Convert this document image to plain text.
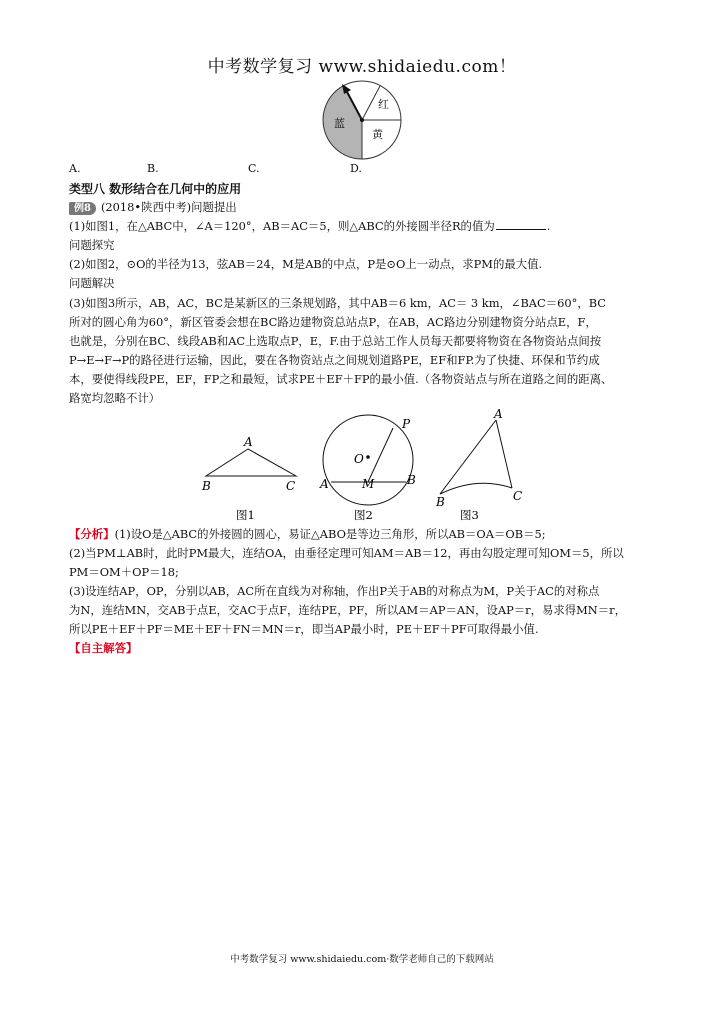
中考数学复习 www.shidaiedu.com！
红
蓝
黄
A.	B.	C.	D.
类型八 数形结合在几何中的应用
例8 (2018•陕西中考)问题提出
(1)如图1，在△ABC中，∠A＝120°，AB＝AC＝5，则△ABC的外接圆半径R的值为	.
问题探究
(2)如图2，⊙O的半径为13，弦AB＝24，M是AB的中点，P是⊙O上一动点，求PM的最大值.
问题解决
(3)如图3所示，AB，AC，BC是某新区的三条规划路，其中AB＝6 km，AC＝ 3 km，∠BAC＝60°，BC
所对的圆心角为60°，新区管委会想在BC路边建物资总站点P，在AB，AC路边分别建物资分站点E，F，
也就是，分别在BC、线段AB和AC上选取点P，E，F.由于总站工作人员每天都要将物资在各物资站点间按
P→E→F→P的路径进行运输，因此，要在各物资站点之间规划道路PE，EF和FP.为了快捷、环保和节约成
本，要使得线段PE，EF，FP之和最短，试求PE＋EF＋FP的最小值.（各物资站点与所在道路之间的距离、
路宽均忽略不计）
A
B	C
图1
O
P
A	M	B
图2
A
B	C
图3
【分析】(1)设O是△ABC的外接圆的圆心，易证△ABO是等边三角形，所以AB＝OA＝OB＝5;
(2)当PM⊥AB时，此时PM最大，连结OA，由垂径定理可知AM＝AB＝12，再由勾股定理可知OM＝5，所以
PM＝OM＋OP＝18;
(3)设连结AP，OP，分别以AB，AC所在直线为对称轴，作出P关于AB的对称点为M，P关于AC的对称点
为N，连结MN，交AB于点E，交AC于点F，连结PE，PF，所以AM＝AP＝AN，设AP＝r，易求得MN＝r，
所以PE＋EF＋PF＝ME＋EF＋FN＝MN＝r，即当AP最小时，PE＋EF＋PF可取得最小值.
【自主解答】
中考数学复习 www.shidaiedu.com·数学老师自己的下载网站
